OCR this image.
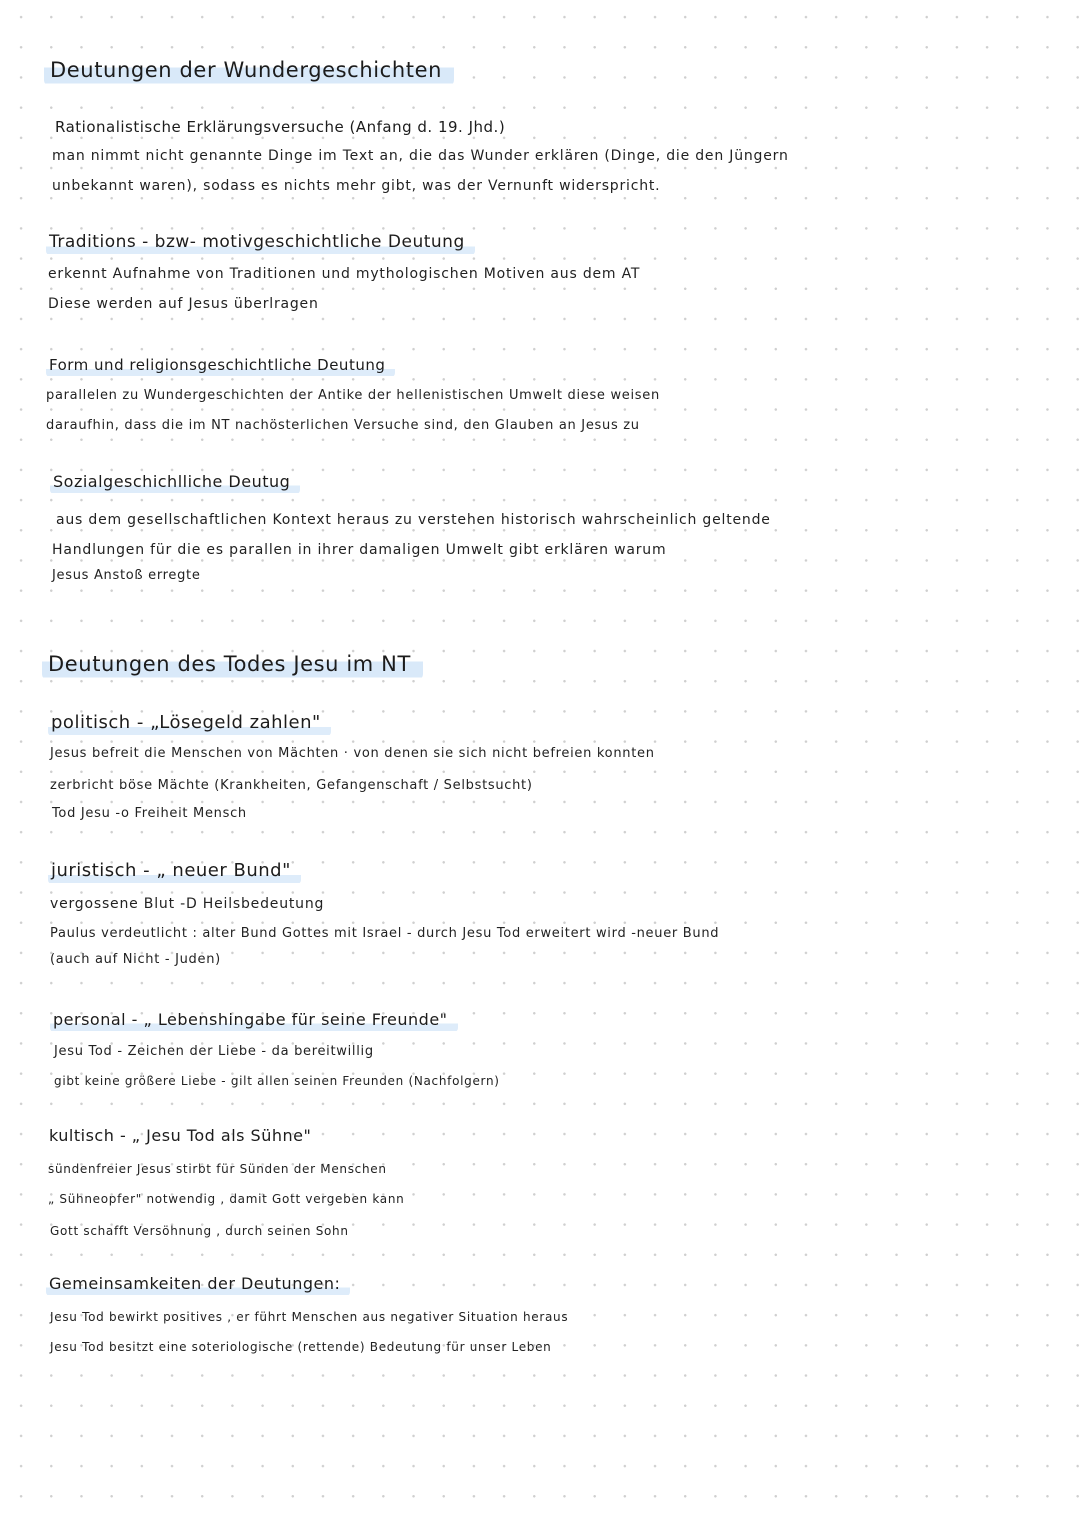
Deutungen der Wundergeschichten
Rationalistische Erklärungsversuche (Anfang d. 19. Jhd.)
man nimmt nicht genannte Dinge im Text an, die das Wunder erklären (Dinge, die den Jüngern
unbekannt waren), sodass es nichts mehr gibt, was der Vernunft widerspricht.
Traditions - bzw- motivgeschichtliche Deutung
erkennt Aufnahme von Traditionen und mythologischen Motiven aus dem AT
Diese werden auf Jesus überlragen
Form und religionsgeschichtliche Deutung
parallelen zu Wundergeschichten der Antike der hellenistischen Umwelt diese weisen
daraufhin, dass die im NT nachösterlichen Versuche sind, den Glauben an Jesus zu
Sozialgeschichlliche Deutug
aus dem gesellschaftlichen Kontext heraus zu verstehen historisch wahrscheinlich geltende
Handlungen für die es parallen in ihrer damaligen Umwelt gibt erklären warum
Jesus Anstoß erregte
Deutungen des Todes Jesu im NT
politisch - „Lösegeld zahlen"
Jesus befreit die Menschen von Mächten · von denen sie sich nicht befreien konnten
zerbricht böse Mächte (Krankheiten, Gefangenschaft / Selbstsucht)
Tod Jesu -o Freiheit Mensch
juristisch - „ neuer Bund"
vergossene Blut -D Heilsbedeutung
Paulus verdeutlicht : alter Bund Gottes mit Israel - durch Jesu Tod erweitert wird -neuer Bund
(auch auf Nicht - Juden)
personal - „ Lebenshingabe für seine Freunde"
Jesu Tod - Zeichen der Liebe - da bereitwillig
gibt keine größere Liebe - gilt allen seinen Freunden (Nachfolgern)
kultisch - „ Jesu Tod als Sühne"
sündenfreier Jesus stirbt für Sünden der Menschen
„ Sühneopfer" notwendig , damit Gott vergeben kann
Gott schafft Versöhnung , durch seinen Sohn
Gemeinsamkeiten der Deutungen:
Jesu Tod bewirkt positives , er führt Menschen aus negativer Situation heraus
Jesu Tod besitzt eine soteriologische (rettende) Bedeutung für unser Leben
